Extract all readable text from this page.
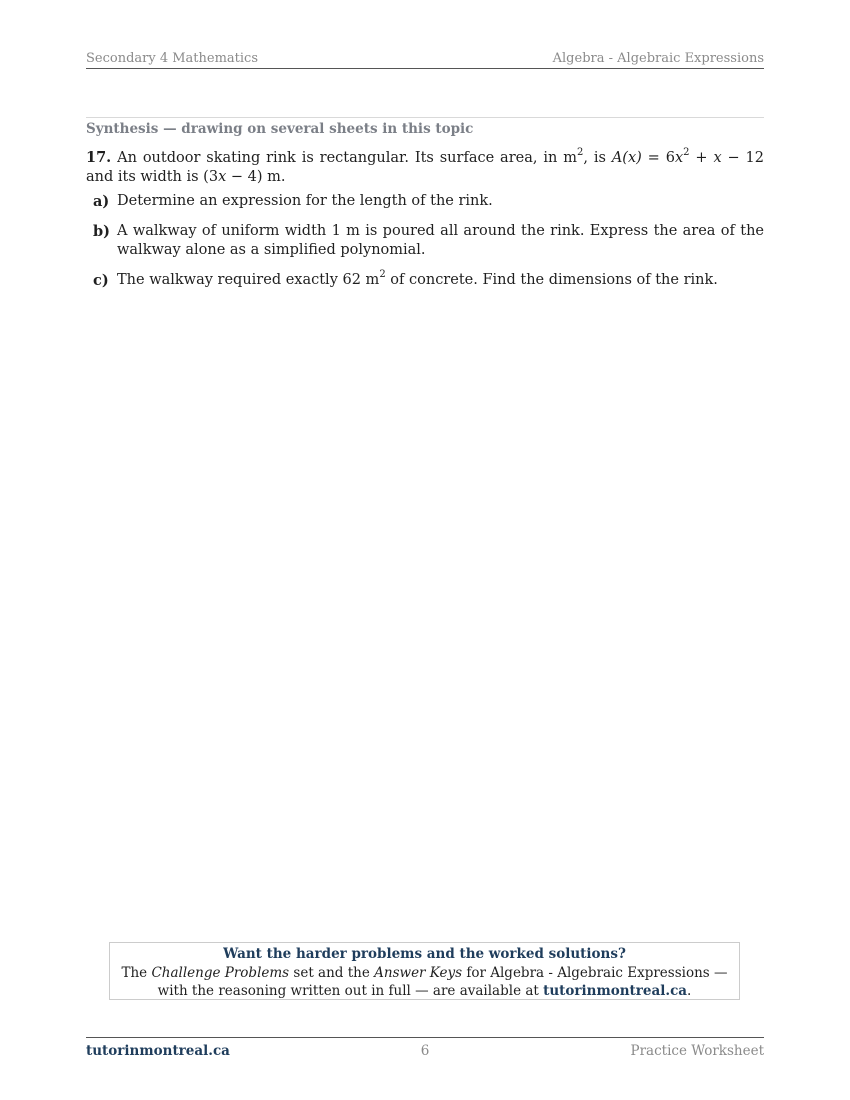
Secondary 4 Mathematics	Algebra - Algebraic Expressions
Synthesis — drawing on several sheets in this topic
17. An outdoor skating rink is rectangular. Its surface area, in $m^2$, is $A(x) = 6x^2 + x - 12$ and its width is (3x − 4) m.
a) Determine an expression for the length of the rink.
b) A walkway of uniform width 1 m is poured all around the rink. Express the area of the walkway alone as a simplified polynomial.
c) The walkway required exactly 62 $m^2$ of concrete. Find the dimensions of the rink.
Want the harder problems and the worked solutions?
The Challenge Problems set and the Answer Keys for Algebra - Algebraic Expressions — with the reasoning written out in full — are available at tutorinmontreal.ca.
tutorinmontreal.ca	6	Practice Worksheet
